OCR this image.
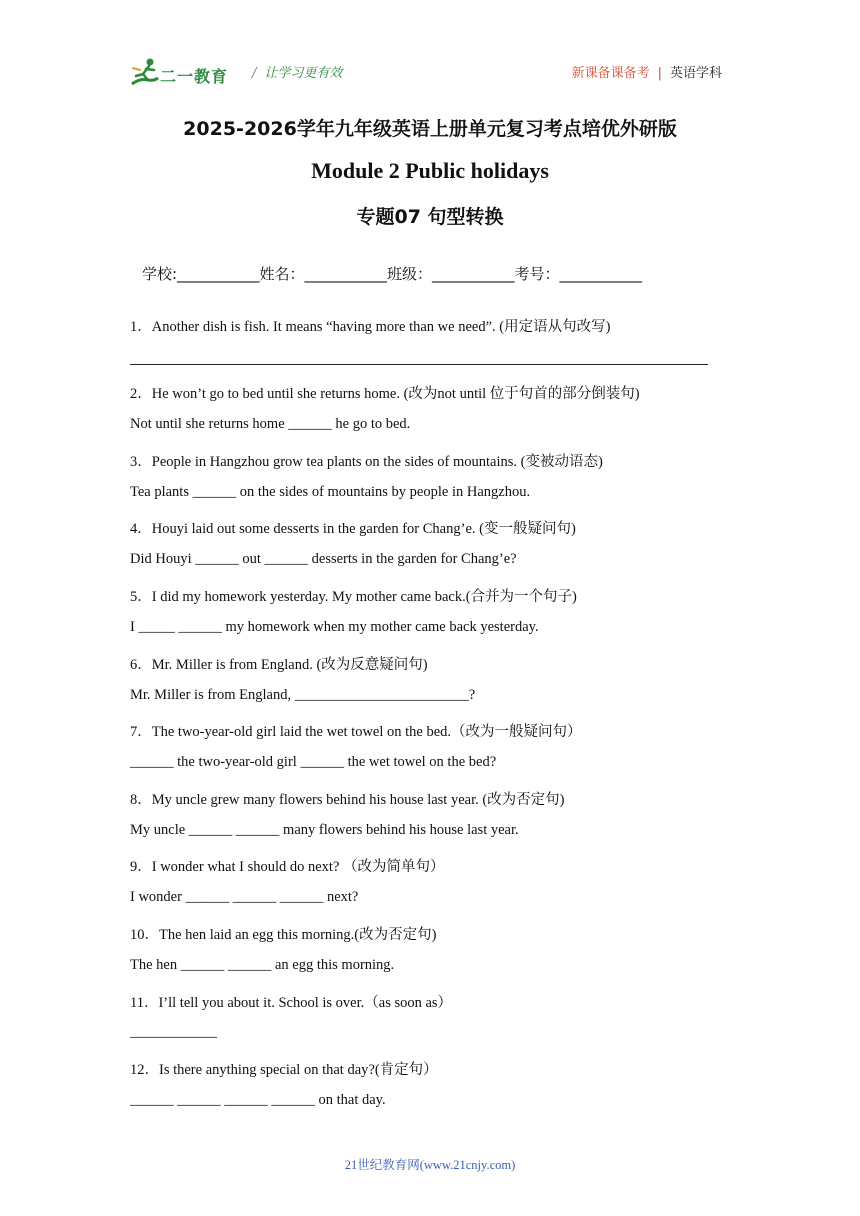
二一教育 / 让学习更有效	新课备课备考 | 英语学科
2025-2026学年九年级英语上册单元复习考点培优外研版
Module 2 Public holidays
专题07 句型转换
学校:___________姓名：___________班级：___________考号：___________
1．Another dish is fish. It means “having more than we need”. (用定语从句改写)
2．He won’t go to bed until she returns home. (改为not until 位于句首的部分倒装句)
Not until she returns home ______ he go to bed.
3．People in Hangzhou grow tea plants on the sides of mountains. (变被动语态)
Tea plants ______ on the sides of mountains by people in Hangzhou.
4．Houyi laid out some desserts in the garden for Chang’e. (变一般疑问句)
Did Houyi ______ out ______ desserts in the garden for Chang’e?
5．I did my homework yesterday. My mother came back.(合并为一个句子)
I _____ ______ my homework when my mother came back yesterday.
6．Mr. Miller is from England. (改为反意疑问句)
Mr. Miller is from England, ________________________?
7．The two-year-old girl laid the wet towel on the bed.（改为一般疑问句）
______ the two-year-old girl ______ the wet towel on the bed?
8．My uncle grew many flowers behind his house last year. (改为否定句)
My uncle ______ ______ many flowers behind his house last year.
9．I wonder what I should do next? （改为简单句）
I wonder ______ ______ ______ next?
10．The hen laid an egg this morning.(改为否定句)
The hen ______ ______ an egg this morning.
11．I’ll tell you about it. School is over.（as soon as）
____________
12．Is there anything special on that day?(肯定句）
______ ______ ______ ______ on that day.
21世纪教育网(www.21cnjy.com)
